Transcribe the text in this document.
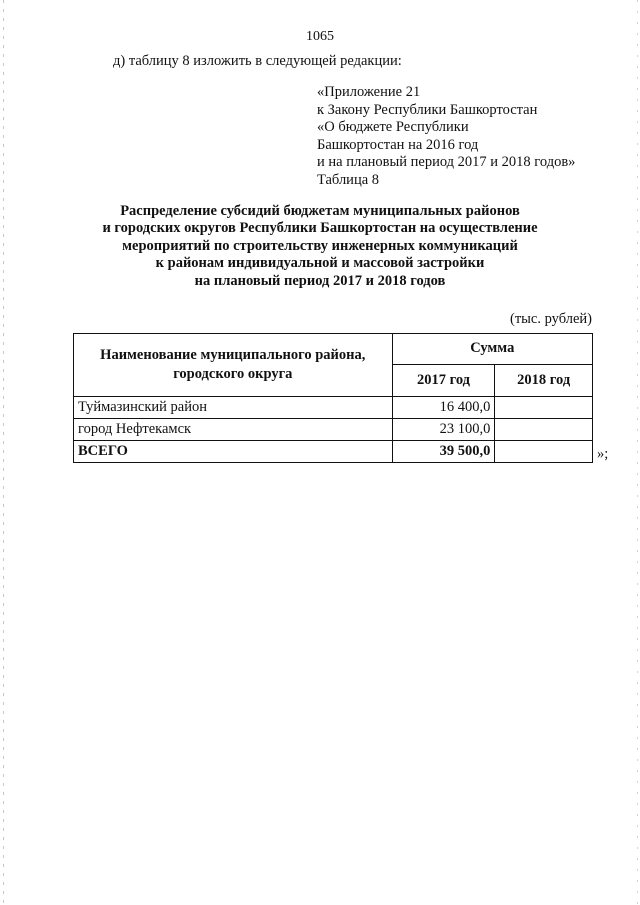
1065
д) таблицу 8 изложить в следующей редакции:
«Приложение 21
к Закону Республики Башкортостан
«О бюджете Республики
Башкортостан на 2016 год
и на плановый период 2017 и 2018 годов»
Таблица 8
Распределение субсидий бюджетам муниципальных районов
и городских округов Республики Башкортостан на осуществление
мероприятий по строительству инженерных коммуникаций
к районам индивидуальной и массовой застройки
на плановый период 2017 и 2018 годов
(тыс. рублей)
Наименование муниципального района,
городского округа	Сумма	
	2017 год	2018 год
Туймазинский район	16 400,0	
город Нефтекамск	23 100,0	
ВСЕГО	39 500,0		»;
